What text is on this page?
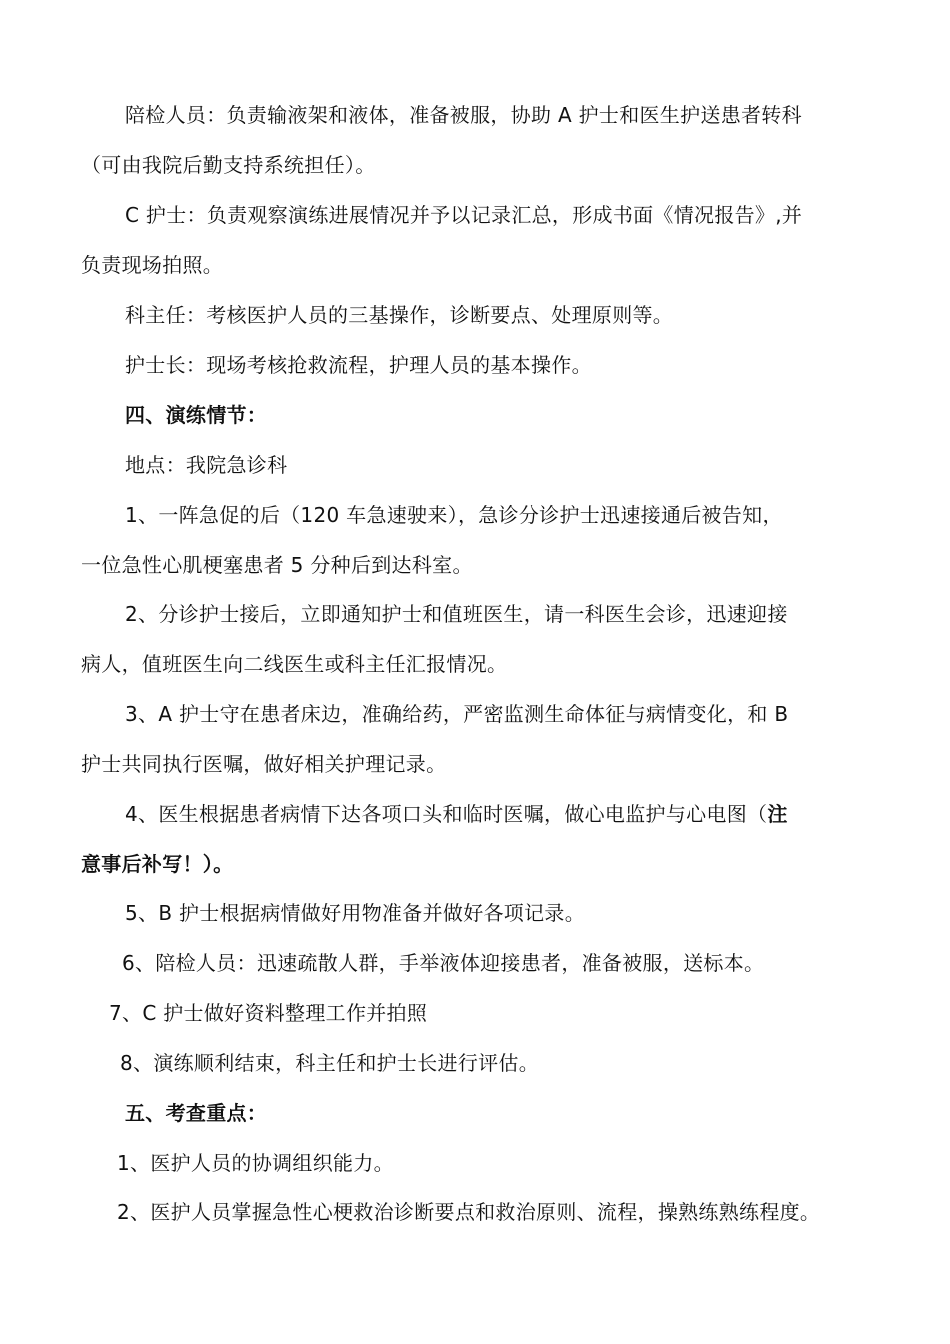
陪检人员：负责输液架和液体，准备被服，协助 A 护士和医生护送患者转科
（可由我院后勤支持系统担任）。
C 护士：负责观察演练进展情况并予以记录汇总，形成书面《情况报告》,并
负责现场拍照。
科主任：考核医护人员的三基操作，诊断要点、处理原则等。
护士长：现场考核抢救流程，护理人员的基本操作。
四、演练情节：
地点：我院急诊科
1、一阵急促的后（120 车急速驶来），急诊分诊护士迅速接通后被告知，
一位急性心肌梗塞患者 5 分种后到达科室。
2、分诊护士接后，立即通知护士和值班医生，请一科医生会诊，迅速迎接
病人，值班医生向二线医生或科主任汇报情况。
3、A 护士守在患者床边，准确给药，严密监测生命体征与病情变化，和 B
护士共同执行医嘱，做好相关护理记录。
4、医生根据患者病情下达各项口头和临时医嘱，做心电监护与心电图（注
意事后补写！）。
5、B 护士根据病情做好用物准备并做好各项记录。
6、陪检人员：迅速疏散人群，手举液体迎接患者，准备被服，送标本。
7、C 护士做好资料整理工作并拍照
8、演练顺利结束，科主任和护士长进行评估。
五、考查重点：
1、医护人员的协调组织能力。
2、医护人员掌握急性心梗救治诊断要点和救治原则、流程，操熟练熟练程度。
